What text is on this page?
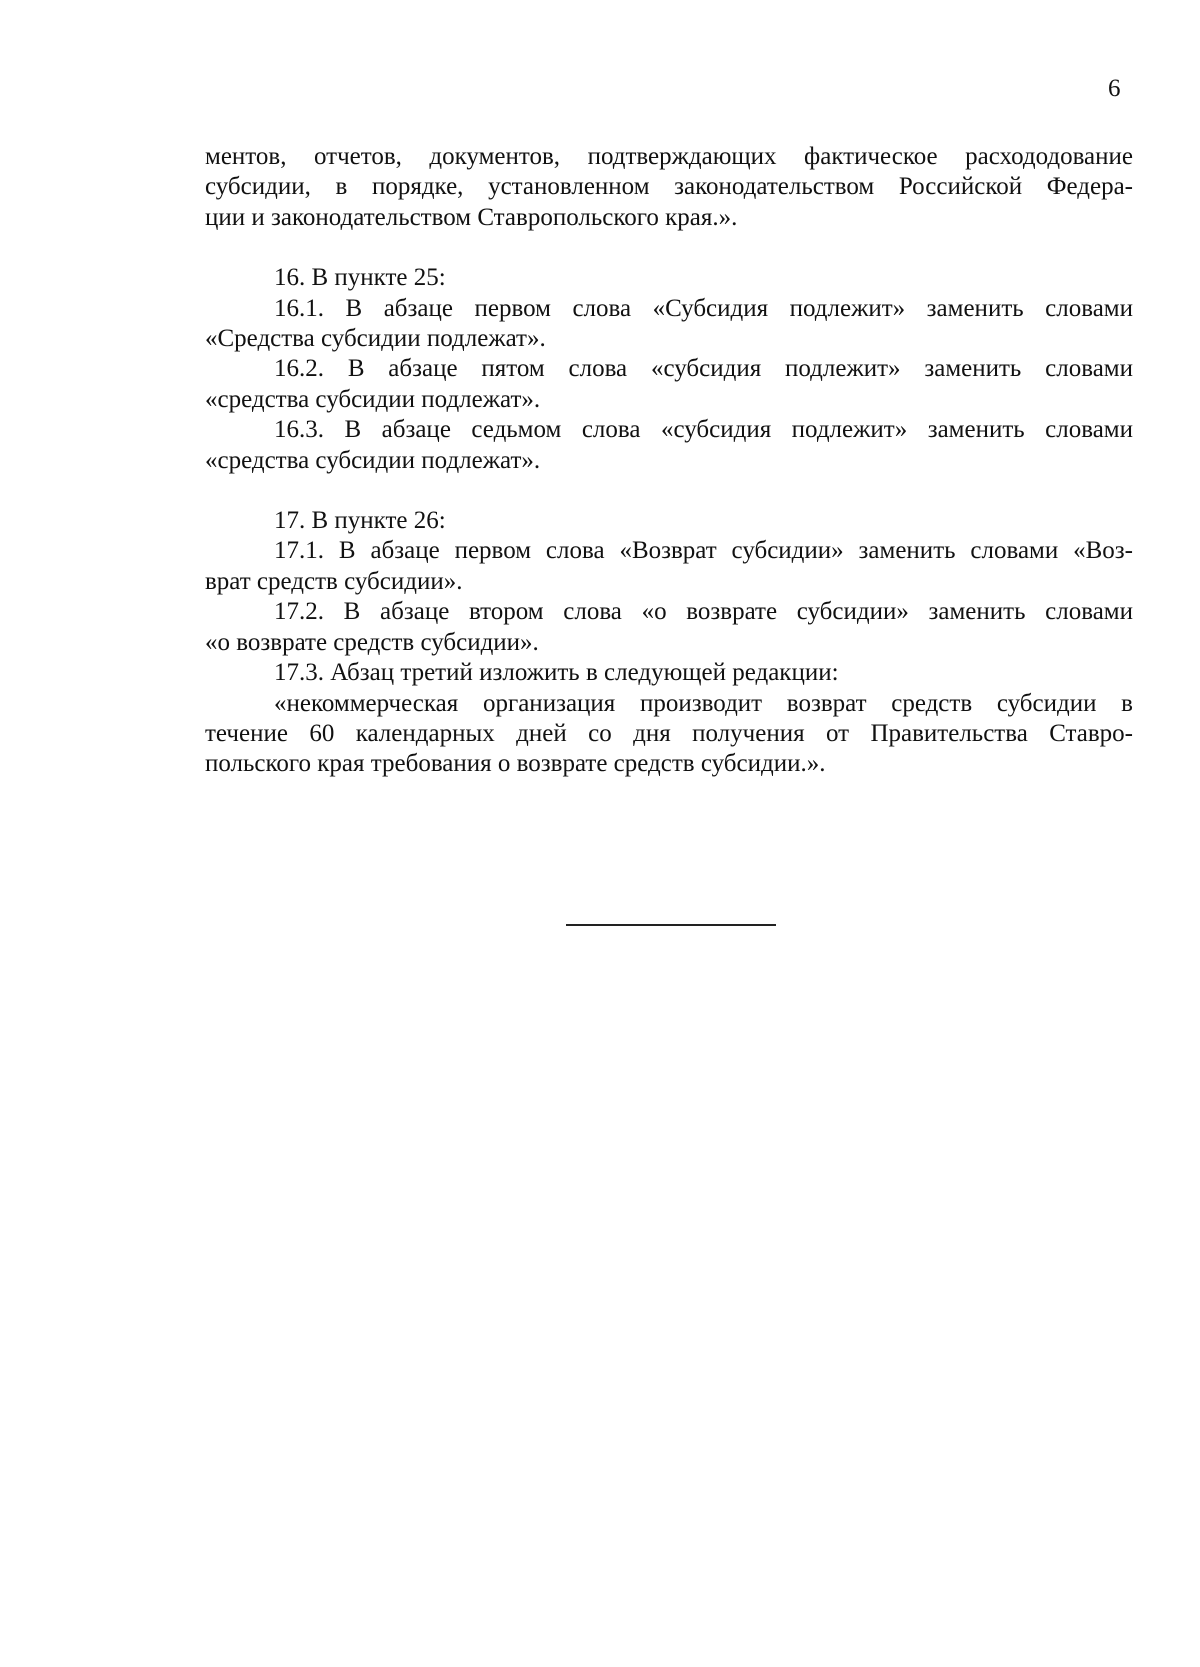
6

ментов, отчетов, документов, подтверждающих фактическое расхододование
субсидии, в порядке, установленном законодательством Российской Федера-
ции и законодательством Ставропольского края.».

16. В пункте 25:

16.1. В абзаце первом слова «Субсидия подлежит» заменить словами
«Средства субсидии подлежат».

16.2. В абзаце пятом слова «субсидия подлежит» заменить словами
«средства субсидии подлежат».

16.3. В абзаце седьмом слова «субсидия подлежит» заменить словами
«средства субсидии подлежат».

17. В пункте 26:

17.1. В абзаце первом слова «Возврат субсидии» заменить словами «Воз-
врат средств субсидии».

17.2. В абзаце втором слова «о возврате субсидии» заменить словами
«о возврате средств субсидии».

17.3. Абзац третий изложить в следующей редакции:

«некоммерческая организация производит возврат средств субсидии в
течение 60 календарных дней со дня получения от Правительства Ставро-
польского края требования о возврате средств субсидии.».
